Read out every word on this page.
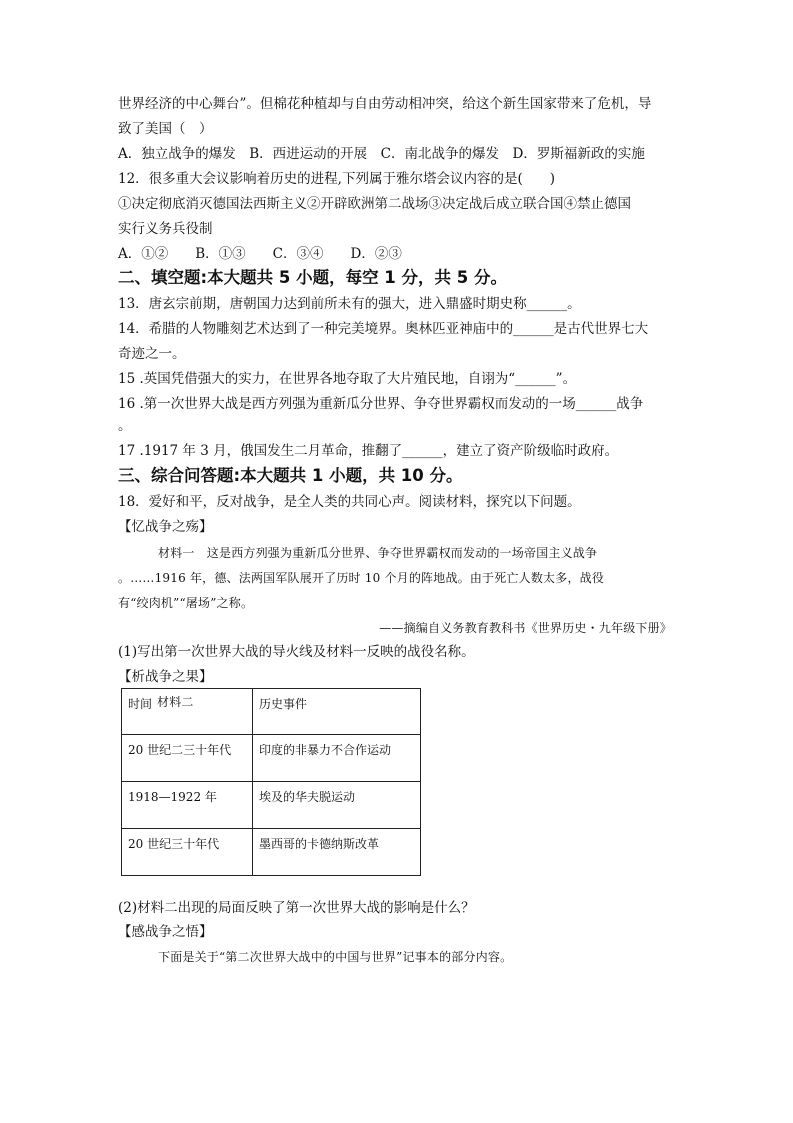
世界经济的中心舞台”。但棉花种植却与自由劳动相冲突，给这个新生国家带来了危机，导
致了美国（　）
A．独立战争的爆发　B．西进运动的开展　C．南北战争的爆发　D．罗斯福新政的实施
12．很多重大会议影响着历史的进程,下列属于雅尔塔会议内容的是(　　)
①决定彻底消灭德国法西斯主义②开辟欧洲第二战场③决定战后成立联合国④禁止德国
实行义务兵役制
A．①②　　B．①③　　C．③④　　D．②③
二、填空题:本大题共 5 小题，每空 1 分，共 5 分。
13．唐玄宗前期，唐朝国力达到前所未有的强大，进入鼎盛时期史称______。
14．希腊的人物雕刻艺术达到了一种完美境界。奥林匹亚神庙中的______是古代世界七大
奇迹之一。
15 .英国凭借强大的实力，在世界各地夺取了大片殖民地，自诩为“______”。
16 .第一次世界大战是西方列强为重新瓜分世界、争夺世界霸权而发动的一场______战争
。
17 .1917 年 3 月，俄国发生二月革命，推翻了______，建立了资产阶级临时政府。
三、综合问答题:本大题共 1 小题，共 10 分。
18．爱好和平，反对战争，是全人类的共同心声。阅读材料，探究以下问题。
【忆战争之殇】
材料一　这是西方列强为重新瓜分世界、争夺世界霸权而发动的一场帝国主义战争
。……1916 年，德、法两国军队展开了历时 10 个月的阵地战。由于死亡人数太多，战役
有“绞肉机”“屠场”之称。
——摘编自义务教育教科书《世界历史・九年级下册》
(1)写出第一次世界大战的导火线及材料一反映的战役名称。
【析战争之果】
材料二
时间	历史事件
20 世纪二三十年代	印度的非暴力不合作运动
1918—1922 年	埃及的华夫脱运动
20 世纪三十年代	墨西哥的卡德纳斯改革
(2)材料二出现的局面反映了第一次世界大战的影响是什么？
【感战争之悟】
下面是关于“第二次世界大战中的中国与世界”记事本的部分内容。
